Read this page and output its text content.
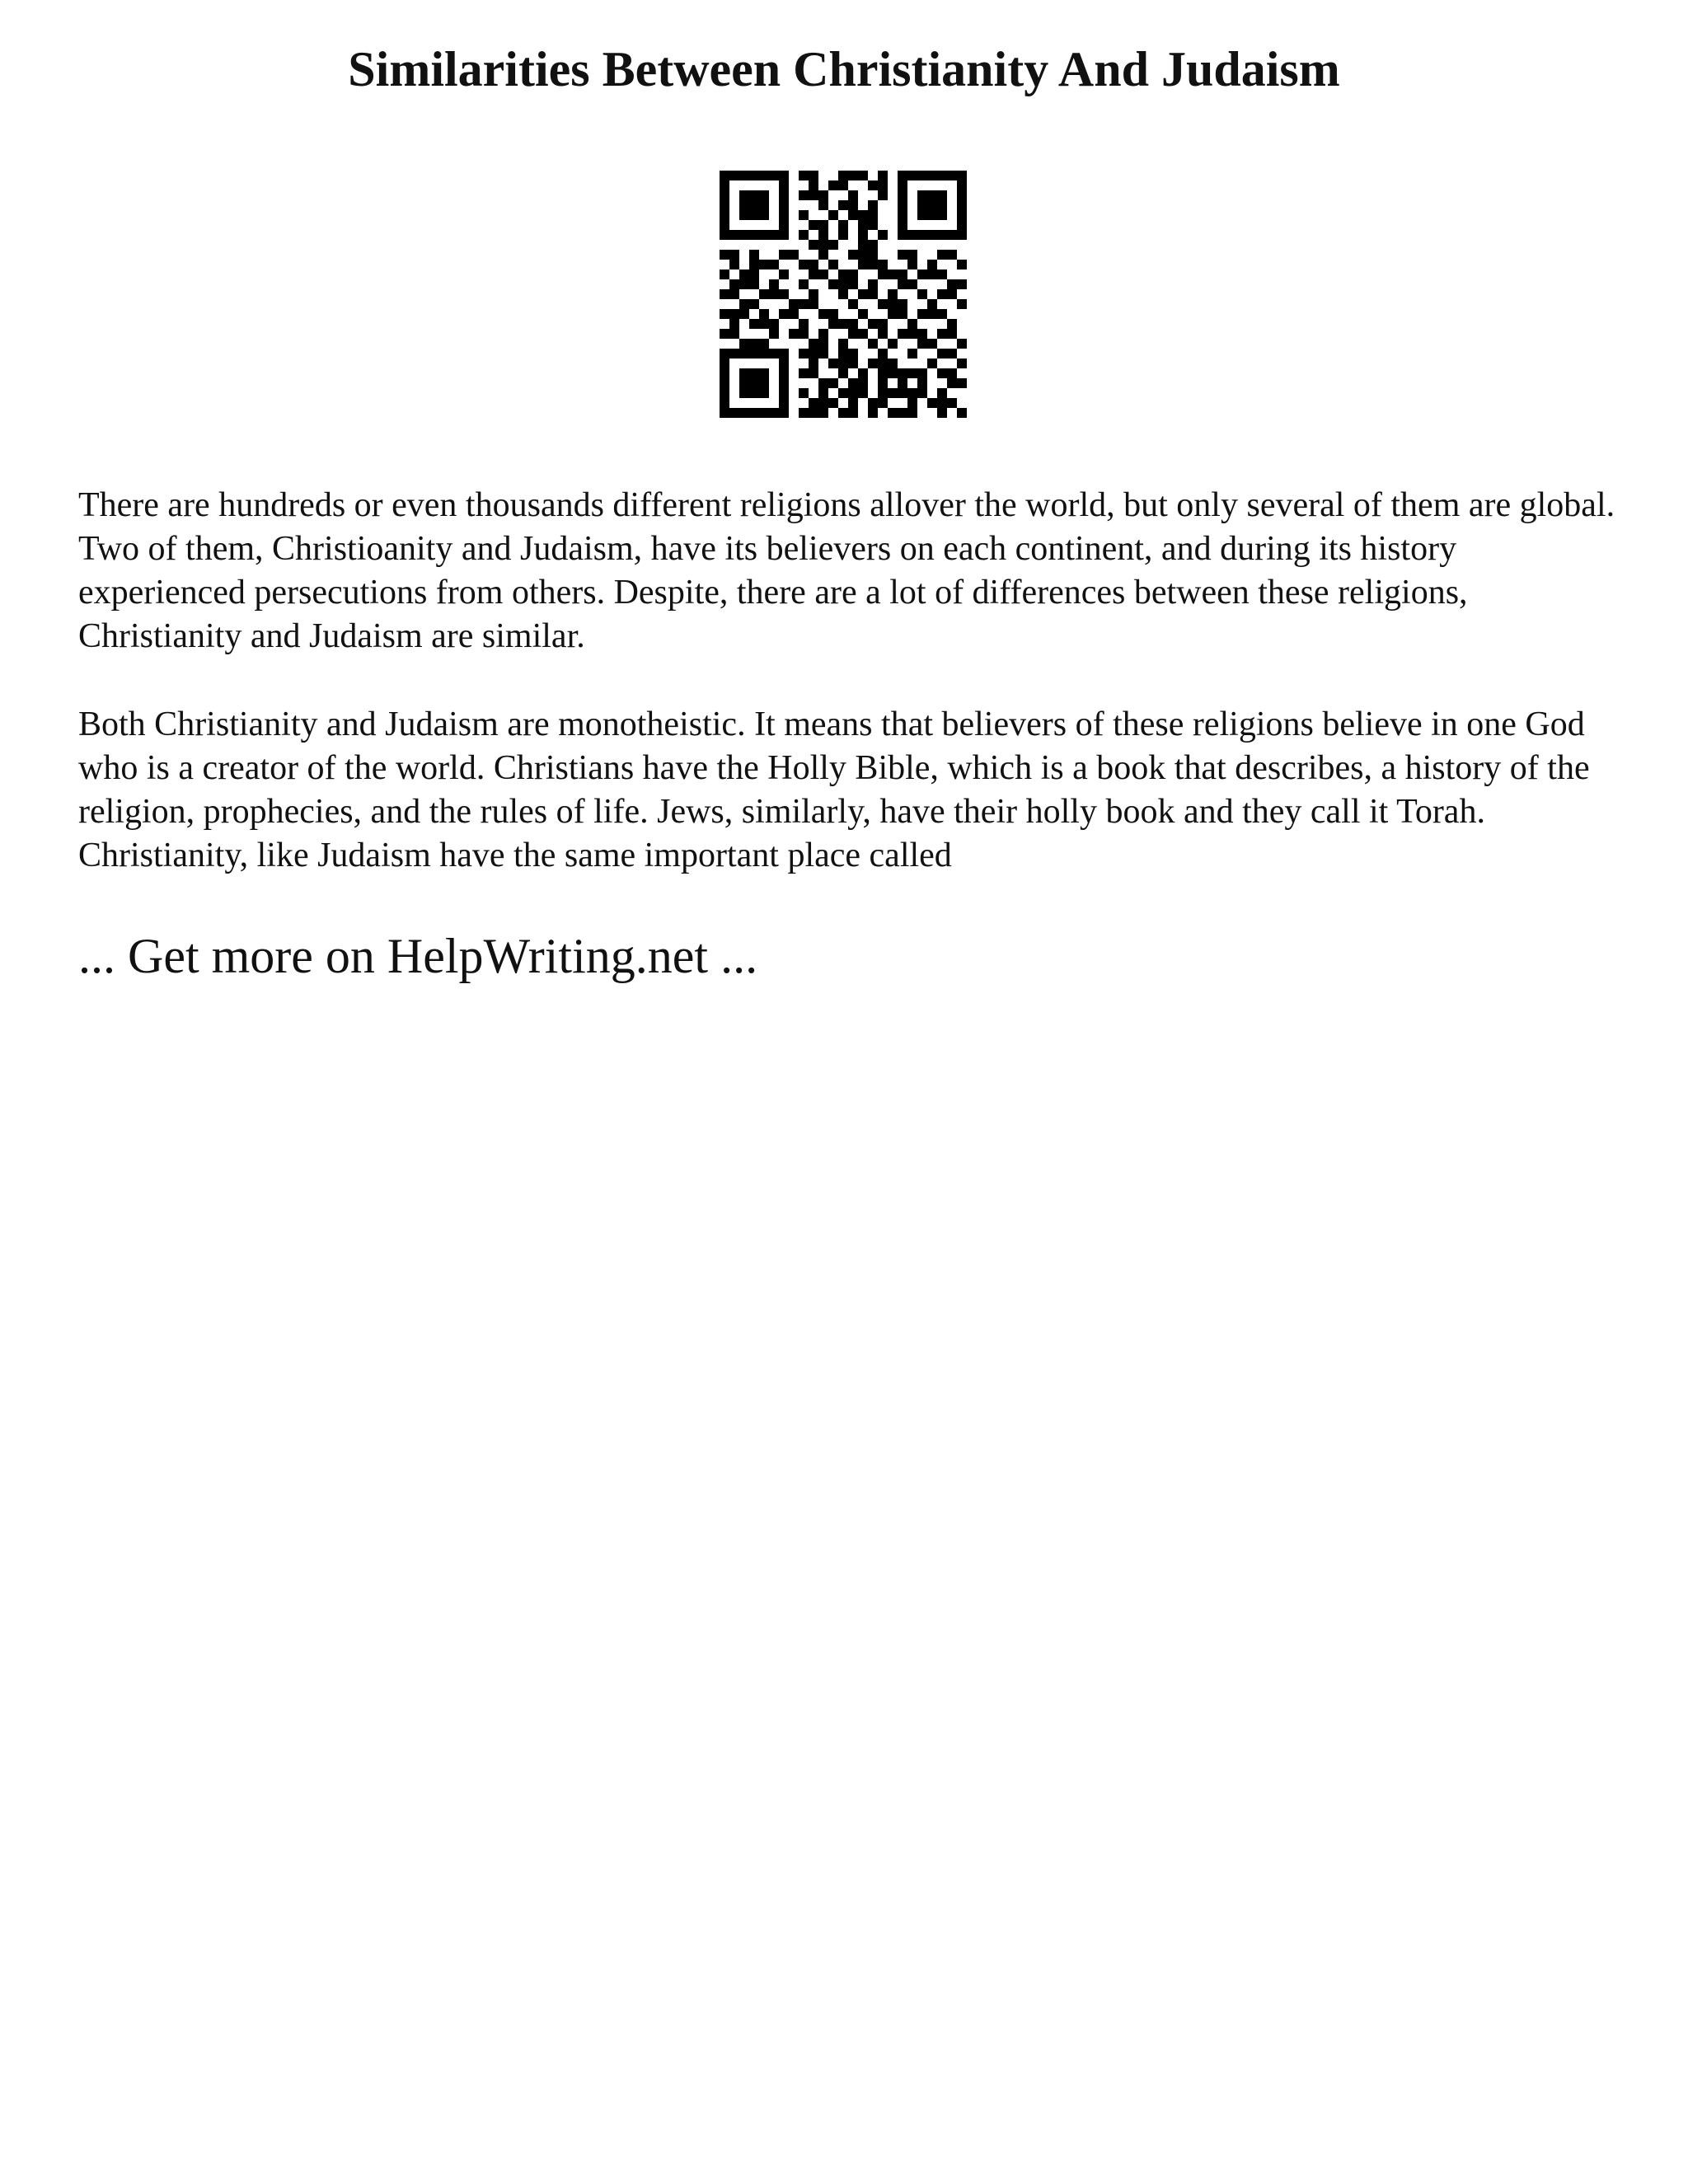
Similarities Between Christianity And Judaism

There are hundreds or even thousands different religions allover the world, but only several of them are global. Two of them, Christioanity and Judaism, have its believers on each continent, and during its history experienced persecutions from others. Despite, there are a lot of differences between these religions, Christianity and Judaism are similar.

Both Christianity and Judaism are monotheistic. It means that believers of these religions believe in one God who is a creator of the world. Christians have the Holly Bible, which is a book that describes, a history of the religion, prophecies, and the rules of life. Jews, similarly, have their holly book and they call it Torah. Christianity, like Judaism have the same important place called

... Get more on HelpWriting.net ...
